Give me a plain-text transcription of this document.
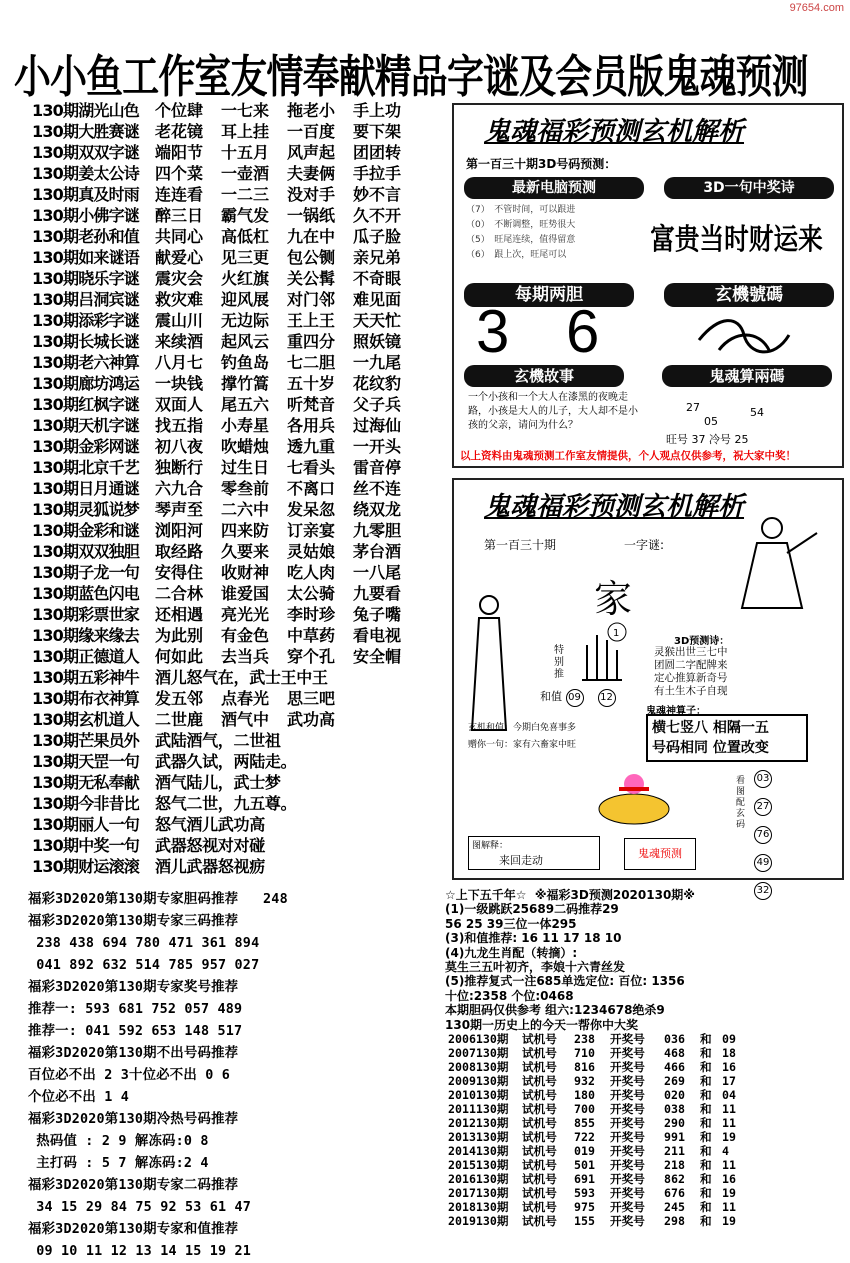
97654.com
小小鱼工作室友情奉献精品字谜及会员版鬼魂预测
130期湖光山色 个位肆 一七来 拖老小 手上功
130期大胜赛谜 老花镜 耳上挂 一百度 要下架
130期双双字谜 端阳节 十五月 风声起 团团转
130期姜太公诗 四个菜 一壶酒 夫妻俩 手拉手
130期真及时雨 连连看 一二三 没对手 妙不言
130期小佛字谜 醉三日 霸气发 一锅纸 久不开
130期老孙和值 共同心 高低杠 九在中 瓜子脸
130期如来谜语 献爱心 见三更 包公铡 亲兄弟
130期晓乐字谜 震灾会 火红旗 关公髯 不奇眼
130期吕洞宾谜 救灾难 迎风展 对门邻 难见面
130期添彩字谜 震山川 无边际 王上王 天天忙
130期长城长谜 来续酒 起风云 重四分 照妖镜
130期老六神算 八月七 钓鱼岛 七二胆 一九尾
130期廊坊鸿运 一块钱 撑竹篙 五十岁 花纹豹
130期红枫字谜 双面人 尾五六 听梵音 父子兵
130期天机字谜 找五指 小寿星 各用兵 过海仙
130期金彩网谜 初八夜 吹蜡烛 透九重 一开头
130期北京千艺 独断行 过生日 七看头 雷音停
130期日月通谜 六九合 零叁前 不离口 丝不连
130期灵狐说梦 琴声至 二六中 发呆忽 绕双龙
130期金彩和谜 浏阳河 四来防 订亲宴 九零胆
130期双双独胆 取经路 久要来 灵姑娘 茅台酒
130期子龙一句 安得住 收财神 吃人肉 一八尾
130期蓝色闪电 二合林 谁爱国 太公骑 九要看
130期彩票世家 还相遇 亮光光 李时珍 兔子嘴
130期缘来缘去 为此别 有金色 中草药 看电视
130期正德道人 何如此 去当兵 穿个孔 安全帽
130期五彩神牛 酒儿怒气在，武士王中王
130期布衣神算 发五邻 点春光 思三吧
130期玄机道人 二世鹿 酒气中 武功高
130期芒果员外 武陆酒气，二世祖
130期天罡一句 武器久试，两陆走。
130期无私奉献 酒气陆儿，武士梦
130期今非昔比 怒气二世，九五尊。
130期丽人一句 怒气酒儿武功高
130期中奖一句 武器怒视对对碰
130期财运滚滚 酒儿武器怒视疬
福彩3D2020第130期专家胆码推荐   248
福彩3D2020第130期专家三码推荐
238 438 694 780 471 361 894
041 892 632 514 785 957 027
福彩3D2020第130期专家奖号推荐
推荐一: 593 681 752 057 489
推荐一: 041 592 653 148 517
福彩3D2020第130期不出号码推荐
百位必不出 2 3十位必不出 0 6
个位必不出 1 4
福彩3D2020第130期冷热号码推荐
热码值 : 2 9 解冻码:0 8
主打码 : 5 7 解冻码:2 4
福彩3D2020第130期专家二码推荐
34 15 29 84 75 92 53 61 47
福彩3D2020第130期专家和值推荐
09 10 11 12 13 14 15 19 21
鬼魂福彩预测玄机解析
第一百三十期3D号码预测：
最新电脑预测
（7）　不管时间，可以跟进
（0）　不断调整，旺势很大
（5）　旺尾连续，值得留意
（6）　跟上次，旺尾可以
3D一句中奖诗
富贵当时财运来
每期两胆
3 6
玄機號碼
玄機故事
一个小孩和一个大人在漆黑的夜晚走路，小孩是大人的儿子，大人却不是小孩的父亲，请问为什么？
鬼魂算兩碼
27
05
54
旺号 37 冷号 25
以上资料由鬼魂预测工作室友情提供，个人观点仅供参考，祝大家中奖！
鬼魂福彩预测玄机解析
第一百三十期	一字谜:
家
特别推
1
和值 09 12
3D预测诗：
灵猴出世三七中
团圆二字配牌来
定心推算新奇号
有土生木子自现
鬼魂神算子：
横七竖八 相隔一五
号码相同 位置改变
玄机和值：今期白免喜事多
赠你一句：家有六畜家中旺
看图配玄码
03 27 76 49 32
图解释：
来回走动
鬼魂预测
☆上下五千年☆  ※福彩3D预测2020130期※
(1)一级跳跃25689二码推荐29
56 25 39三位一体295
(3)和值推荐: 16 11 17 18 10
(4)九龙生肖配（转摘）:
莫生三五叶初齐，李娘十六青丝发
(5)推荐复式一注685单选定位: 百位: 1356
十位:2358 个位:0468
本期胆码仅供参考 组六:1234678绝杀9
130期一历史上的今天一帮你中大奖
2006130期 试机号 238 开奖号 036 和 09
2007130期 试机号 710 开奖号 468 和 18
2008130期 试机号 816 开奖号 466 和 16
2009130期 试机号 932 开奖号 269 和 17
2010130期 试机号 180 开奖号 020 和 04
2011130期 试机号 700 开奖号 038 和 11
2012130期 试机号 855 开奖号 290 和 11
2013130期 试机号 722 开奖号 991 和 19
2014130期 试机号 019 开奖号 211 和 4
2015130期 试机号 501 开奖号 218 和 11
2016130期 试机号 691 开奖号 862 和 16
2017130期 试机号 593 开奖号 676 和 19
2018130期 试机号 975 开奖号 245 和 11
2019130期 试机号 155 开奖号 298 和 19
